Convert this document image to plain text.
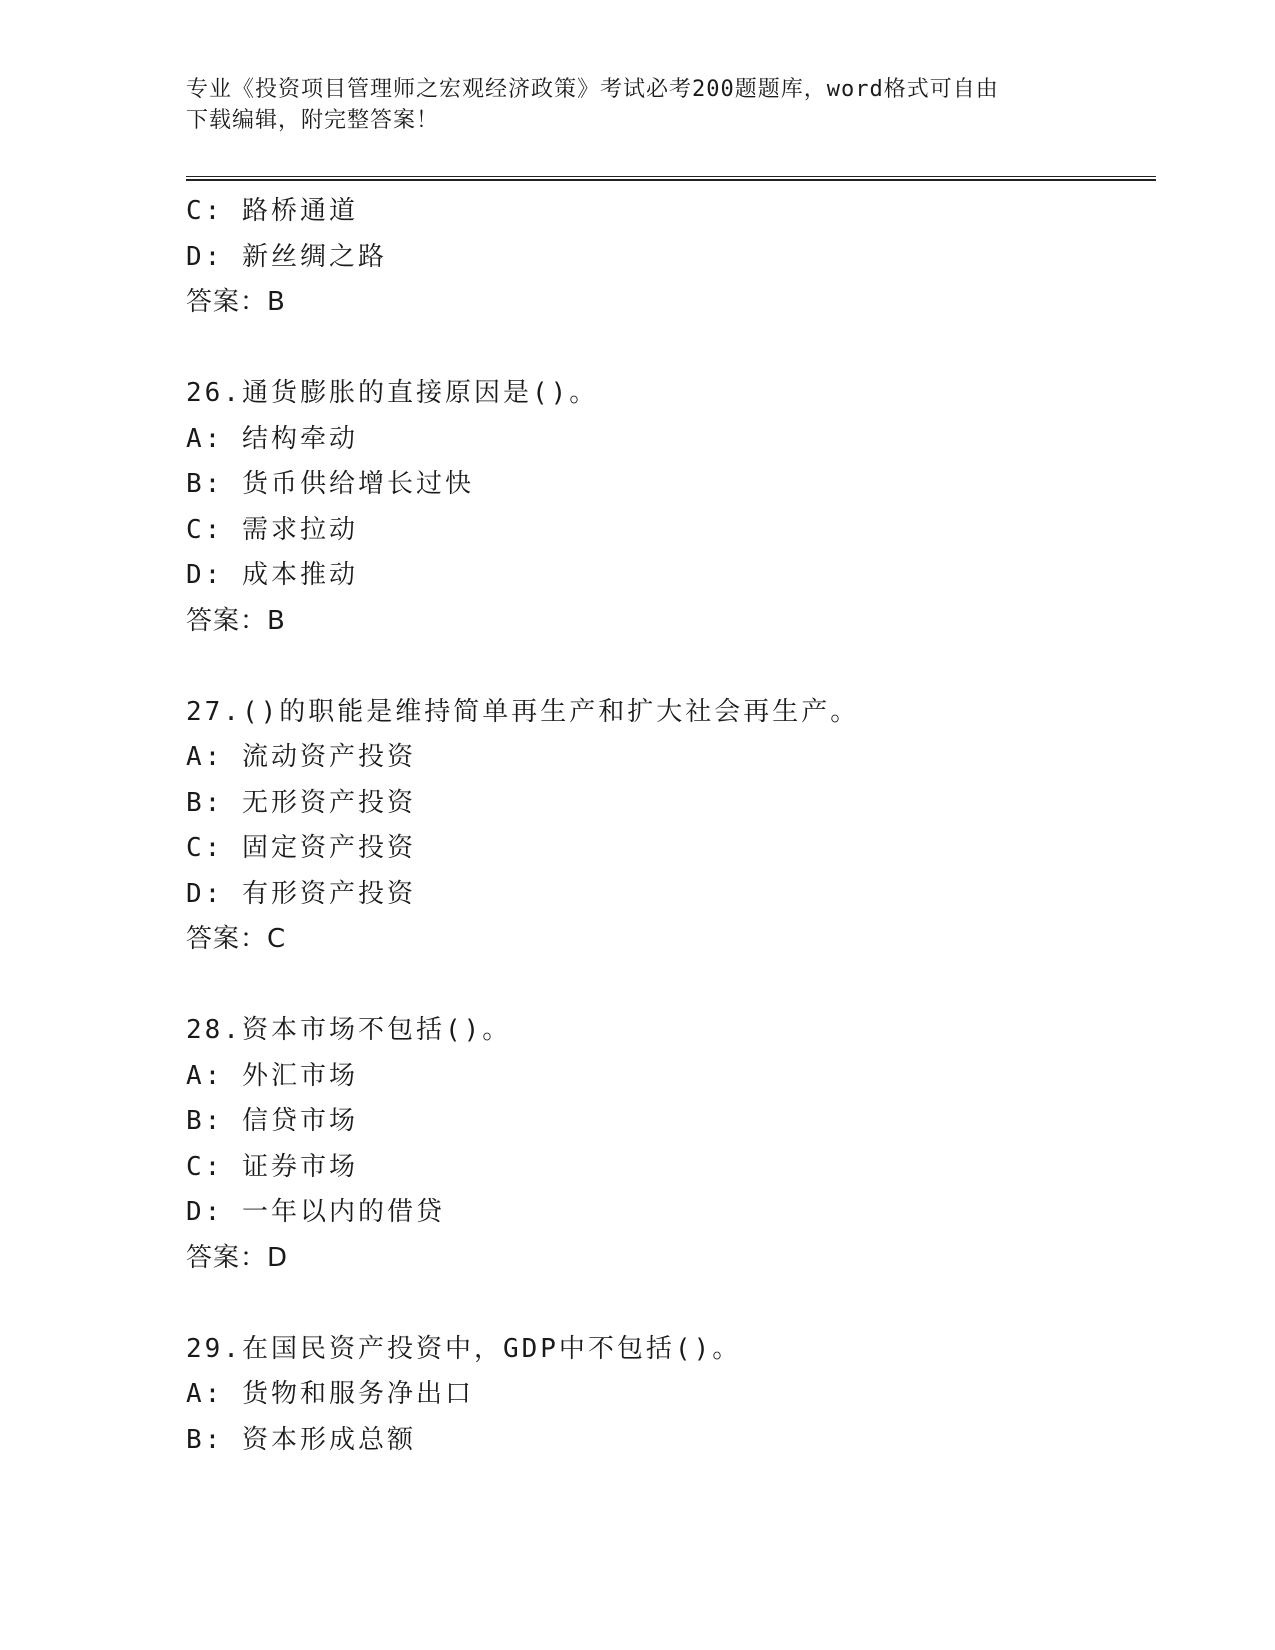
专业《投资项目管理师之宏观经济政策》考试必考200题题库，word格式可自由
下载编辑，附完整答案！
C: 路桥通道
D: 新丝绸之路
答案：B
26.通货膨胀的直接原因是()。
A: 结构牵动
B: 货币供给增长过快
C: 需求拉动
D: 成本推动
答案：B
27.()的职能是维持简单再生产和扩大社会再生产。
A: 流动资产投资
B: 无形资产投资
C: 固定资产投资
D: 有形资产投资
答案：C
28.资本市场不包括()。
A: 外汇市场
B: 信贷市场
C: 证券市场
D: 一年以内的借贷
答案：D
29.在国民资产投资中，GDP中不包括()。
A: 货物和服务净出口
B: 资本形成总额
